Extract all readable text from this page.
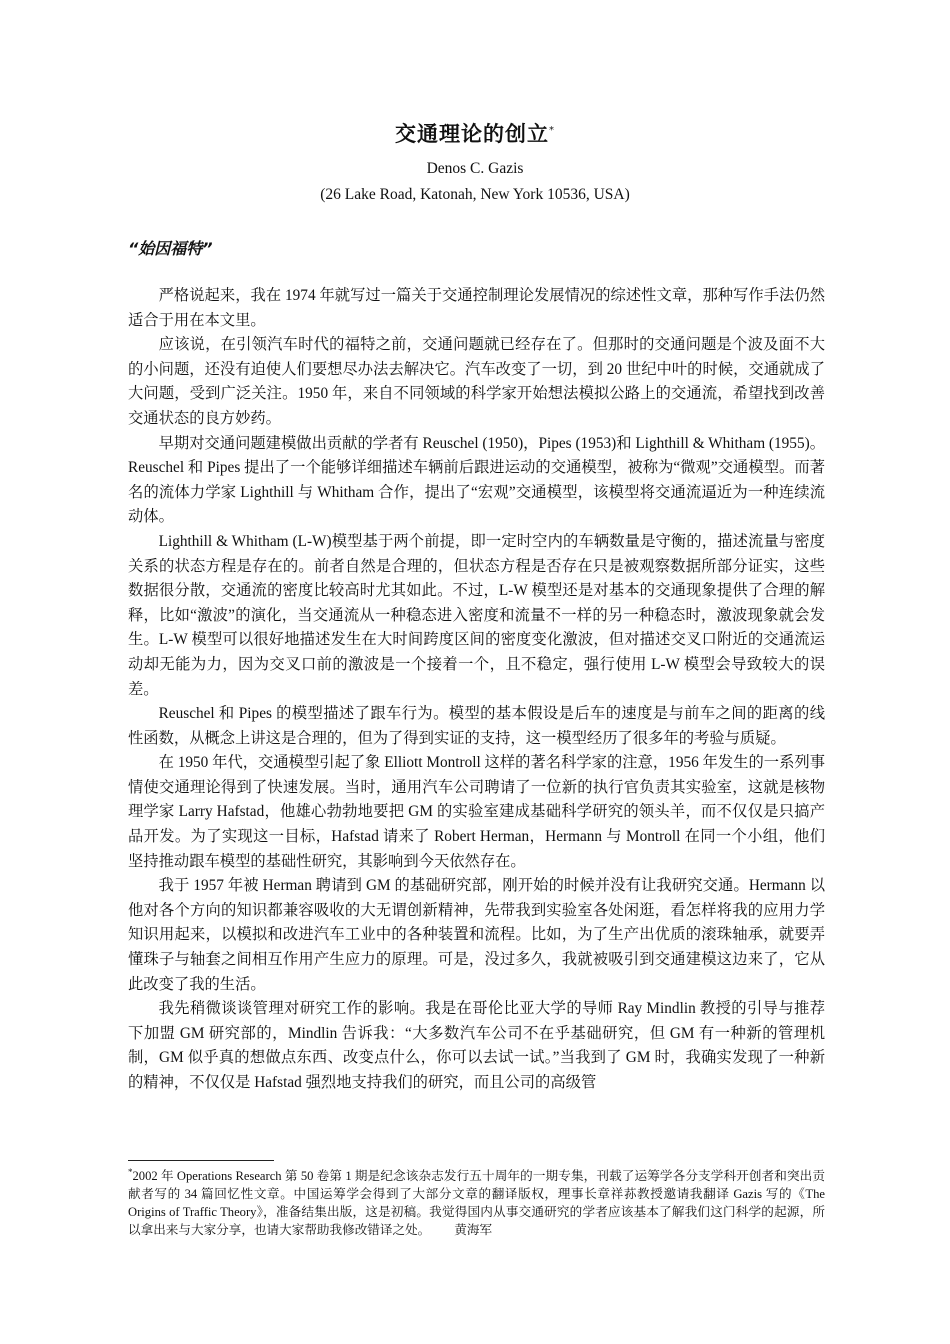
交通理论的创立*
Denos C. Gazis
(26 Lake Road, Katonah, New York 10536, USA)
“始因福特”

严格说起来，我在 1974 年就写过一篇关于交通控制理论发展情况的综述性文章，那种写作手法仍然适合于用在本文里。

应该说，在引领汽车时代的福特之前，交通问题就已经存在了。但那时的交通问题是个波及面不大的小问题，还没有迫使人们要想尽办法去解决它。汽车改变了一切，到 20 世纪中叶的时候，交通就成了大问题，受到广泛关注。1950 年，来自不同领域的科学家开始想法模拟公路上的交通流，希望找到改善交通状态的良方妙药。

早期对交通问题建模做出贡献的学者有 Reuschel (1950)，Pipes (1953)和 Lighthill & Whitham (1955)。Reuschel 和 Pipes 提出了一个能够详细描述车辆前后跟进运动的交通模型，被称为“微观”交通模型。而著名的流体力学家 Lighthill 与 Whitham 合作，提出了“宏观”交通模型，该模型将交通流逼近为一种连续流动体。

Lighthill & Whitham (L-W)模型基于两个前提，即一定时空内的车辆数量是守衡的，描述流量与密度关系的状态方程是存在的。前者自然是合理的，但状态方程是否存在只是被观察数据所部分证实，这些数据很分散，交通流的密度比较高时尤其如此。不过，L-W 模型还是对基本的交通现象提供了合理的解释，比如“激波”的演化，当交通流从一种稳态进入密度和流量不一样的另一种稳态时，激波现象就会发生。L-W 模型可以很好地描述发生在大时间跨度区间的密度变化激波，但对描述交叉口附近的交通流运动却无能为力，因为交叉口前的激波是一个接着一个，且不稳定，强行使用 L-W 模型会导致较大的误差。

Reuschel 和 Pipes 的模型描述了跟车行为。模型的基本假设是后车的速度是与前车之间的距离的线性函数，从概念上讲这是合理的，但为了得到实证的支持，这一模型经历了很多年的考验与质疑。

在 1950 年代，交通模型引起了象 Elliott Montroll 这样的著名科学家的注意，1956 年发生的一系列事情使交通理论得到了快速发展。当时，通用汽车公司聘请了一位新的执行官负责其实验室，这就是核物理学家 Larry Hafstad，他雄心勃勃地要把 GM 的实验室建成基础科学研究的领头羊，而不仅仅是只搞产品开发。为了实现这一目标，Hafstad 请来了 Robert Herman，Hermann 与 Montroll 在同一个小组，他们坚持推动跟车模型的基础性研究，其影响到今天依然存在。

我于 1957 年被 Herman 聘请到 GM 的基础研究部，刚开始的时候并没有让我研究交通。Hermann 以他对各个方向的知识都兼容吸收的大无谓创新精神，先带我到实验室各处闲逛，看怎样将我的应用力学知识用起来，以模拟和改进汽车工业中的各种装置和流程。比如，为了生产出优质的滚珠轴承，就要弄懂珠子与轴套之间相互作用产生应力的原理。可是，没过多久，我就被吸引到交通建模这边来了，它从此改变了我的生活。

我先稍微谈谈管理对研究工作的影响。我是在哥伦比亚大学的导师 Ray Mindlin 教授的引导与推荐下加盟 GM 研究部的，Mindlin 告诉我：“大多数汽车公司不在乎基础研究，但 GM 有一种新的管理机制，GM 似乎真的想做点东西、改变点什么，你可以去试一试。”当我到了 GM 时，我确实发现了一种新的精神，不仅仅是 Hafstad 强烈地支持我们的研究，而且公司的高级管

*2002 年 Operations Research 第 50 卷第 1 期是纪念该杂志发行五十周年的一期专集，刊载了运筹学各分支学科开创者和突出贡献者写的 34 篇回忆性文章。中国运筹学会得到了大部分文章的翻译版权，理事长章祥荪教授邀请我翻译 Gazis 写的《The Origins of Traffic Theory》，准备结集出版，这是初稿。我觉得国内从事交通研究的学者应该基本了解我们这门科学的起源，所以拿出来与大家分享，也请大家帮助我修改错译之处。 黄海军
